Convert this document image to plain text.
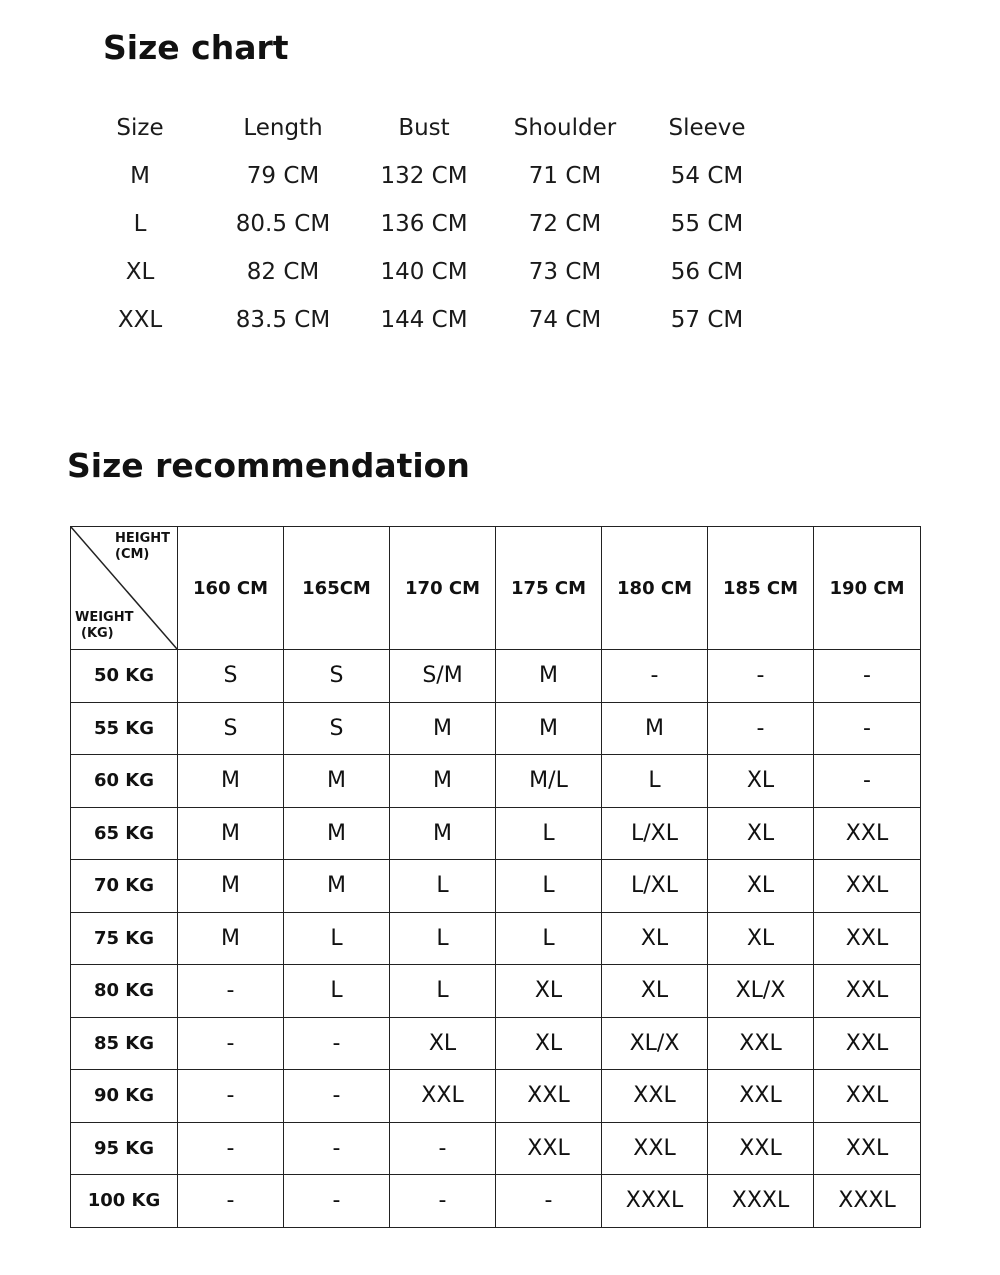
Size chart
Size	Length	Bust	Shoulder	Sleeve
M	79 CM	132 CM	71 CM	54 CM
L	80.5 CM	136 CM	72 CM	55 CM
XL	82 CM	140 CM	73 CM	56 CM
XXL	83.5 CM	144 CM	74 CM	57 CM
Size recommendation
HEIGHT
(CM)
WEIGHT
(KG)	160 CM	165CM	170 CM	175 CM	180 CM	185 CM	190 CM
50 KG	S	S	S/M	M	-	-	-
55 KG	S	S	M	M	M	-	-
60 KG	M	M	M	M/L	L	XL	-
65 KG	M	M	M	L	L/XL	XL	XXL
70 KG	M	M	L	L	L/XL	XL	XXL
75 KG	M	L	L	L	XL	XL	XXL
80 KG	-	L	L	XL	XL	XL/X	XXL
85 KG	-	-	XL	XL	XL/X	XXL	XXL
90 KG	-	-	XXL	XXL	XXL	XXL	XXL
95 KG	-	-	-	XXL	XXL	XXL	XXL
100 KG	-	-	-	-	XXXL	XXXL	XXXL
